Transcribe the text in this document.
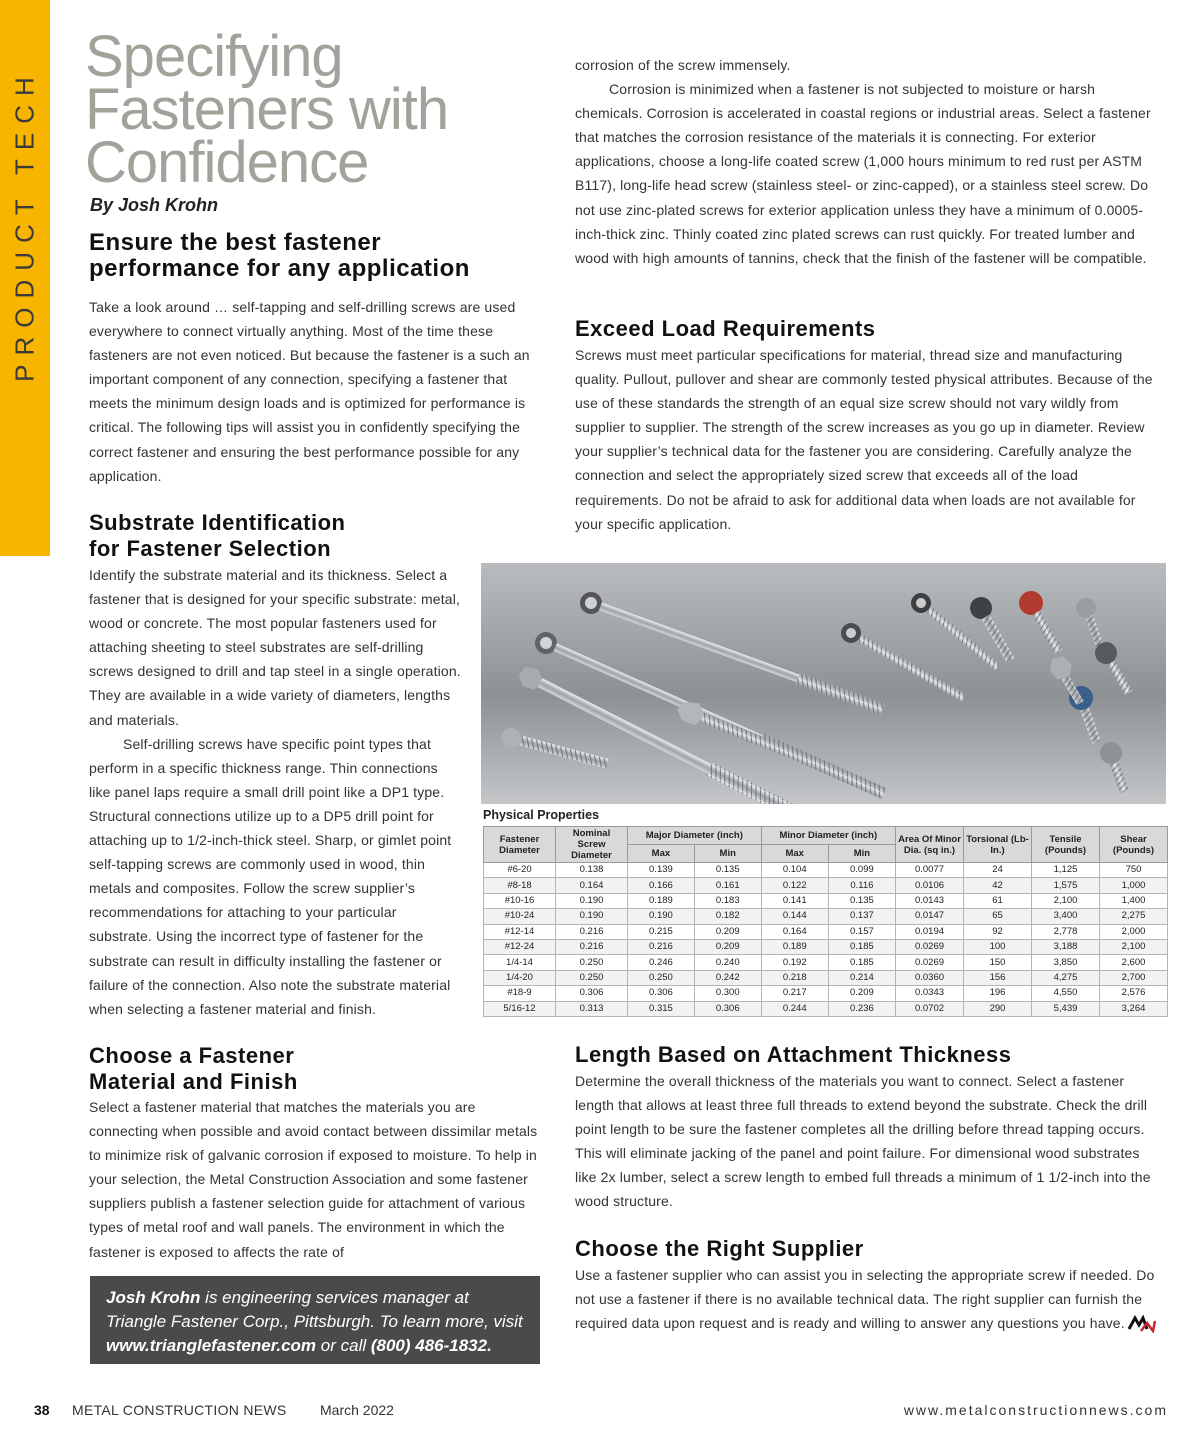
PRODUCT TECH
Specifying
Fasteners with
Confidence
By Josh Krohn
Ensure the best fastener
performance for any application

Take a look around … self-tapping and self-drilling screws are used everywhere to connect virtually anything. Most of the time these fasteners are not even noticed. But because the fastener is a such an important component of any connection, specifying a fastener that meets the minimum design loads and is optimized for performance is critical. The following tips will assist you in confidently specifying the correct fastener and ensuring the best performance possible for any application.

Substrate Identification
for Fastener Selection

Identify the substrate material and its thickness. Select a fastener that is designed for your specific substrate: metal, wood or concrete. The most popular fasteners used for attaching sheeting to steel substrates are self-drilling screws designed to drill and tap steel in a single operation. They are available in a wide variety of diameters, lengths and materials.

Self-drilling screws have specific point types that perform in a specific thickness range. Thin connections like panel laps require a small drill point like a DP1 type. Structural connections utilize up to a DP5 drill point for attaching up to 1/2-inch-thick steel. Sharp, or gimlet point self-tapping screws are commonly used in wood, thin metals and composites. Follow the screw supplier’s recommendations for attaching to your particular substrate. Using the incorrect type of fastener for the substrate can result in difficulty installing the fastener or failure of the connection. Also note the substrate material when selecting a fastener material and finish.

Choose a Fastener
Material and Finish

Select a fastener material that matches the materials you are connecting when possible and avoid contact between dissimilar metals to minimize risk of galvanic corrosion if exposed to moisture. To help in your selection, the Metal Construction Association and some fastener suppliers publish a fastener selection guide for attachment of various types of metal roof and wall panels. The environment in which the fastener is exposed to affects the rate of

Josh Krohn is engineering services manager at Triangle Fastener Corp., Pittsburgh. To learn more, visit www.trianglefastener.com or call (800) 486-1832.

corrosion of the screw immensely.

Corrosion is minimized when a fastener is not subjected to moisture or harsh chemicals. Corrosion is accelerated in coastal regions or industrial areas. Select a fastener that matches the corrosion resistance of the materials it is connecting. For exterior applications, choose a long-life coated screw (1,000 hours minimum to red rust per ASTM B117), long-life head screw (stainless steel- or zinc-capped), or a stainless steel screw. Do not use zinc-plated screws for exterior application unless they have a minimum of 0.0005-inch-thick zinc. Thinly coated zinc plated screws can rust quickly. For treated lumber and wood with high amounts of tannins, check that the finish of the fastener will be compatible.

Exceed Load Requirements

Screws must meet particular specifications for material, thread size and manufacturing quality. Pullout, pullover and shear are commonly tested physical attributes. Because of the use of these standards the strength of an equal size screw should not vary wildly from supplier to supplier. The strength of the screw increases as you go up in diameter. Review your supplier’s technical data for the fastener you are considering. Carefully analyze the connection and select the appropriately sized screw that exceeds all of the load requirements. Do not be afraid to ask for additional data when loads are not available for your specific application.

Physical Properties
Fastener Diameter	Nominal Screw Diameter	Major Diameter (inch)		Minor Diameter (inch)		Area Of Minor Dia. (sq in.)	Torsional (Lb-In.)	Tensile (Pounds)	Shear (Pounds)
		Max	Min	Max	Min				
#6-20	0.138	0.139	0.135	0.104	0.099	0.0077	24	1,125	750
#8-18	0.164	0.166	0.161	0.122	0.116	0.0106	42	1,575	1,000
#10-16	0.190	0.189	0.183	0.141	0.135	0.0143	61	2,100	1,400
#10-24	0.190	0.190	0.182	0.144	0.137	0.0147	65	3,400	2,275
#12-14	0.216	0.215	0.209	0.164	0.157	0.0194	92	2,778	2,000
#12-24	0.216	0.216	0.209	0.189	0.185	0.0269	100	3,188	2,100
1/4-14	0.250	0.246	0.240	0.192	0.185	0.0269	150	3,850	2,600
1/4-20	0.250	0.250	0.242	0.218	0.214	0.0360	156	4,275	2,700
#18-9	0.306	0.306	0.300	0.217	0.209	0.0343	196	4,550	2,576
5/16-12	0.313	0.315	0.306	0.244	0.236	0.0702	290	5,439	3,264
Length Based on Attachment Thickness

Determine the overall thickness of the materials you want to connect. Select a fastener length that allows at least three full threads to extend beyond the substrate. Check the drill point length to be sure the fastener completes all the drilling before thread tapping occurs. This will eliminate jacking of the panel and point failure. For dimensional wood substrates like 2x lumber, select a screw length to embed full threads a minimum of 1 1/2-inch into the wood structure.

Choose the Right Supplier

Use a fastener supplier who can assist you in selecting the appropriate screw if needed. Do not use a fastener if there is no available technical data. The right supplier can furnish the required data upon request and is ready and willing to answer any questions you have.

38 METAL CONSTRUCTION NEWS March 2022	www.metalconstructionnews.com
